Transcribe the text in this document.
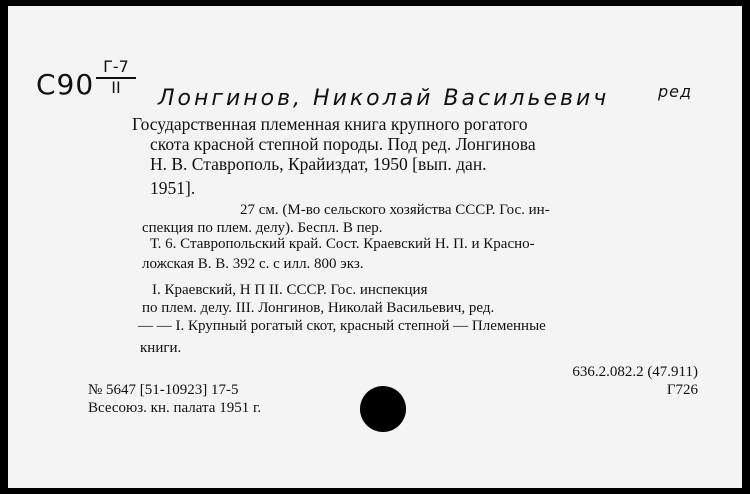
С90
Г-7
II	Лонгинов, Николай Васильевич	ред
Государственная племенная книга крупного рогатого
скота красной степной породы. Под ред. Лонгинова
Н. В. Ставрополь, Крайиздат, 1950 [вып. дан.
1951].
27 см. (М-во сельского хозяйства СССР. Гос. ин-
спекция по плем. делу). Беспл. В пер.
Т. 6. Ставропольский край. Сост. Краевский Н. П. и Красно-
ложская В. В. 392 с. с илл. 800 экз.
I. Краевский, Н П II. СССР. Гос. инспекция
по плем. делу. III. Лонгинов, Николай Васильевич, ред.
— — I. Крупный рогатый скот, красный степной — Племенные
книги.
№ 5647 [51-10923] 17-5
Всесоюз. кн. палата 1951 г.
636.2.082.2 (47.911)
Г726
